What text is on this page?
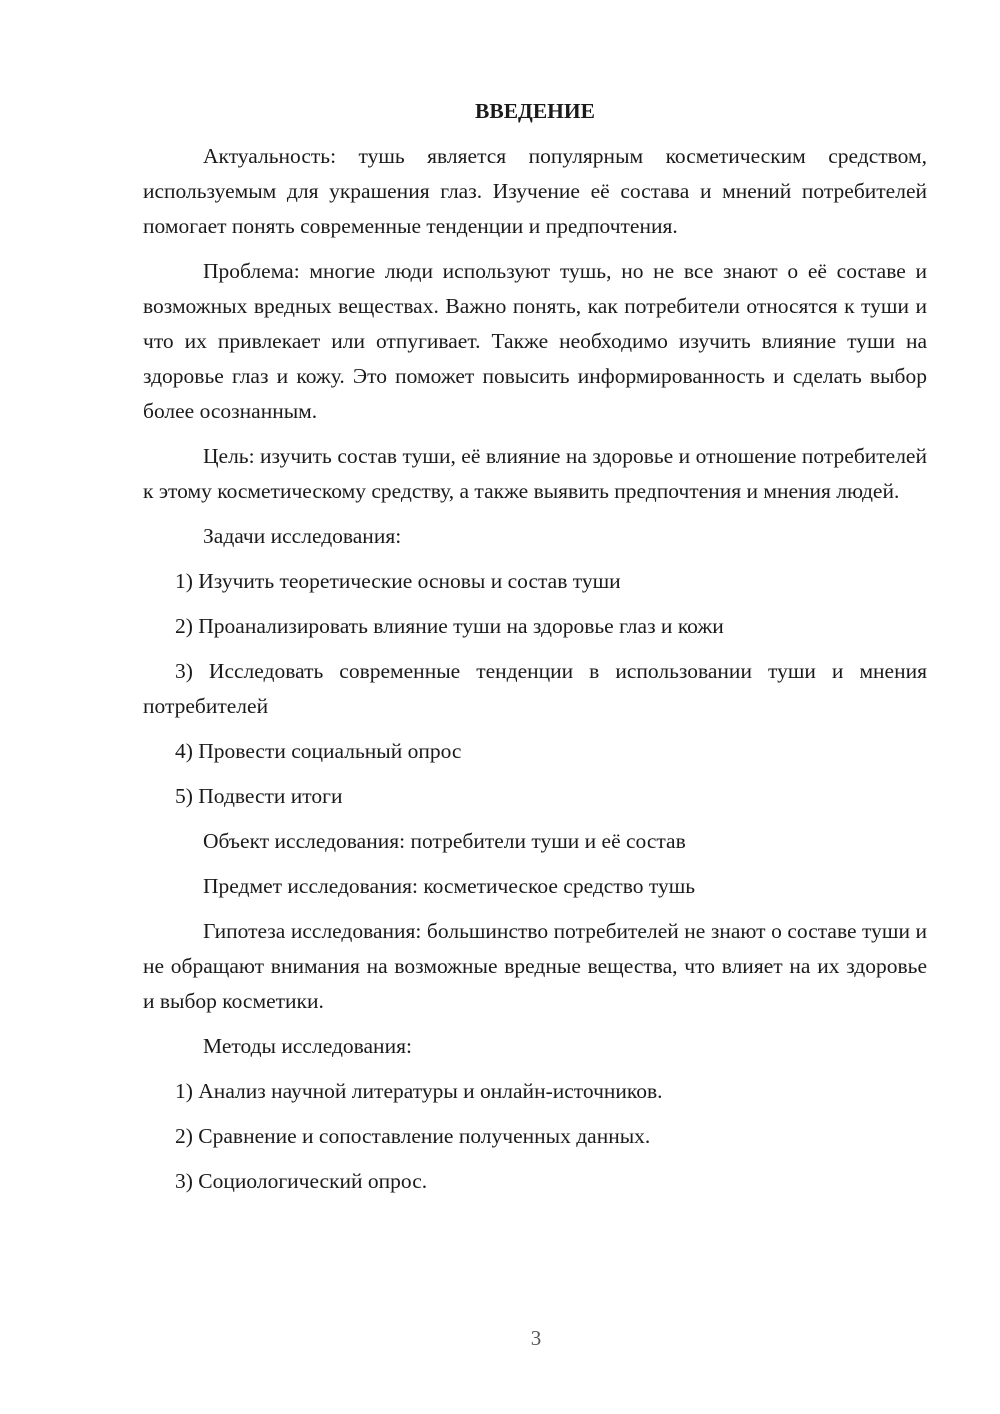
ВВЕДЕНИЕ

Актуальность: тушь является популярным косметическим средством, используемым для украшения глаз. Изучение её состава и мнений потребителей помогает понять современные тенденции и предпочтения.

Проблема: многие люди используют тушь, но не все знают о её составе и возможных вредных веществах. Важно понять, как потребители относятся к туши и что их привлекает или отпугивает. Также необходимо изучить влияние туши на здоровье глаз и кожу. Это поможет повысить информированность и сделать выбор более осознанным.

Цель: изучить состав туши, её влияние на здоровье и отношение потребителей к этому косметическому средству, а также выявить предпочтения и мнения людей.

Задачи исследования:

1) Изучить теоретические основы и состав туши

2) Проанализировать влияние туши на здоровье глаз и кожи

3) Исследовать современные тенденции в использовании туши и мнения потребителей

4) Провести социальный опрос

5) Подвести итоги

Объект исследования: потребители туши и её состав

Предмет исследования: косметическое средство тушь

Гипотеза исследования: большинство потребителей не знают о составе туши и не обращают внимания на возможные вредные вещества, что влияет на их здоровье и выбор косметики.

Методы исследования:

1) Анализ научной литературы и онлайн-источников.

2) Сравнение и сопоставление полученных данных.

3) Социологический опрос.

3
